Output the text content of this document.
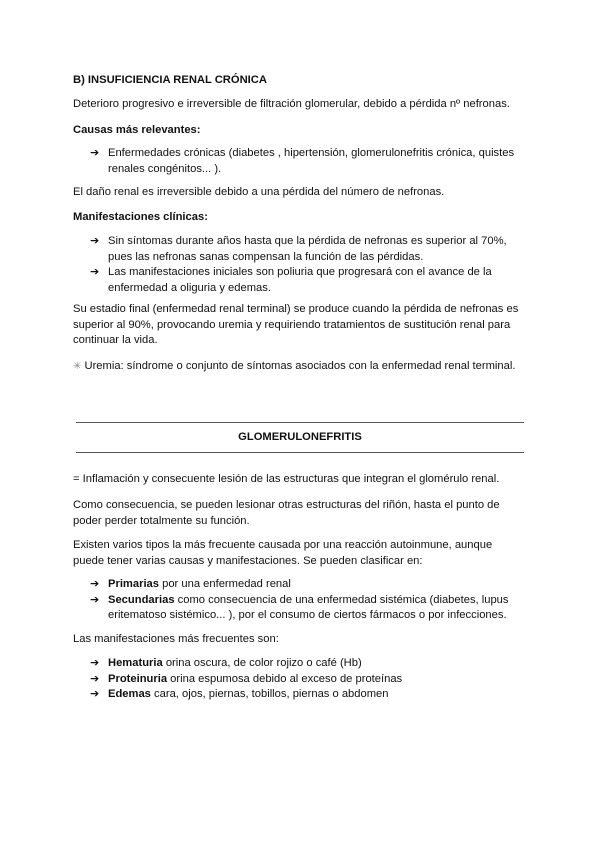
B) INSUFICIENCIA RENAL CRÓNICA

Deterioro progresivo e irreversible de filtración glomerular, debido a pérdida nº nefronas.

Causas más relevantes:

➔ Enfermedades crónicas (diabetes , hipertensión, glomerulonefritis crónica, quistes renales congénitos... ).

El daño renal es irreversible debido a una pérdida del número de nefronas.

Manifestaciones clínicas:

➔ Sin síntomas durante años hasta que la pérdida de nefronas es superior al 70%, pues las nefronas sanas compensan la función de las pérdidas.
➔ Las manifestaciones iniciales son poliuria que progresará con el avance de la enfermedad a oliguria y edemas.

Su estadio final (enfermedad renal terminal) se produce cuando la pérdida de nefronas es superior al 90%, provocando uremia y requiriendo tratamientos de sustitución renal para continuar la vida.

✳ Uremia: síndrome o conjunto de síntomas asociados con la enfermedad renal terminal.

GLOMERULONEFRITIS

= Inflamación y consecuente lesión de las estructuras que integran el glomérulo renal.

Como consecuencia, se pueden lesionar otras estructuras del riñón, hasta el punto de poder perder totalmente su función.

Existen varios tipos la más frecuente causada por una reacción autoinmune, aunque puede tener varias causas y manifestaciones. Se pueden clasificar en:

➔ Primarias por una enfermedad renal
➔ Secundarias como consecuencia de una enfermedad sistémica (diabetes, lupus eritematoso sistémico... ), por el consumo de ciertos fármacos o por infecciones.

Las manifestaciones más frecuentes son:

➔ Hematuria orina oscura, de color rojizo o café (Hb)
➔ Proteinuria orina espumosa debido al exceso de proteínas
➔ Edemas cara, ojos, piernas, tobillos, piernas o abdomen
